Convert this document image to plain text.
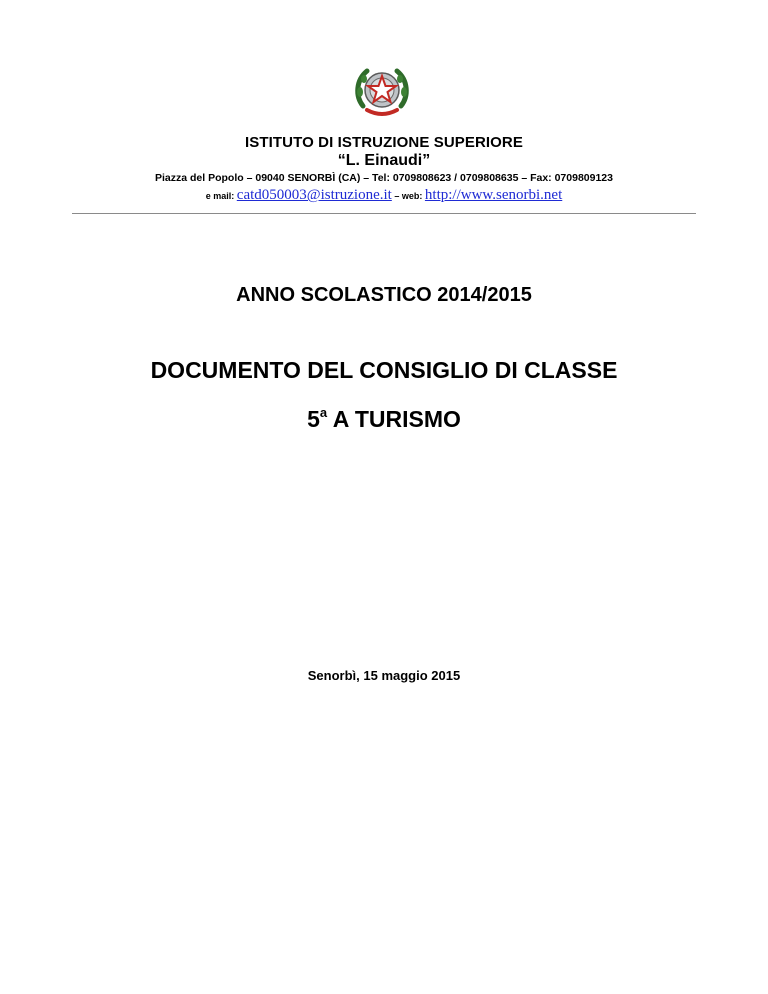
ISTITUTO DI ISTRUZIONE SUPERIORE
“L. Einaudi”
Piazza del Popolo – 09040 SENORBÌ (CA) – Tel: 0709808623 / 0709808635 – Fax: 0709809123
e mail: catd050003@istruzione.it – web: http://www.senorbi.net
ANNO SCOLASTICO 2014/2015
DOCUMENTO DEL CONSIGLIO DI CLASSE
5$^a$ A TURISMO
Senorbì, 15 maggio 2015
